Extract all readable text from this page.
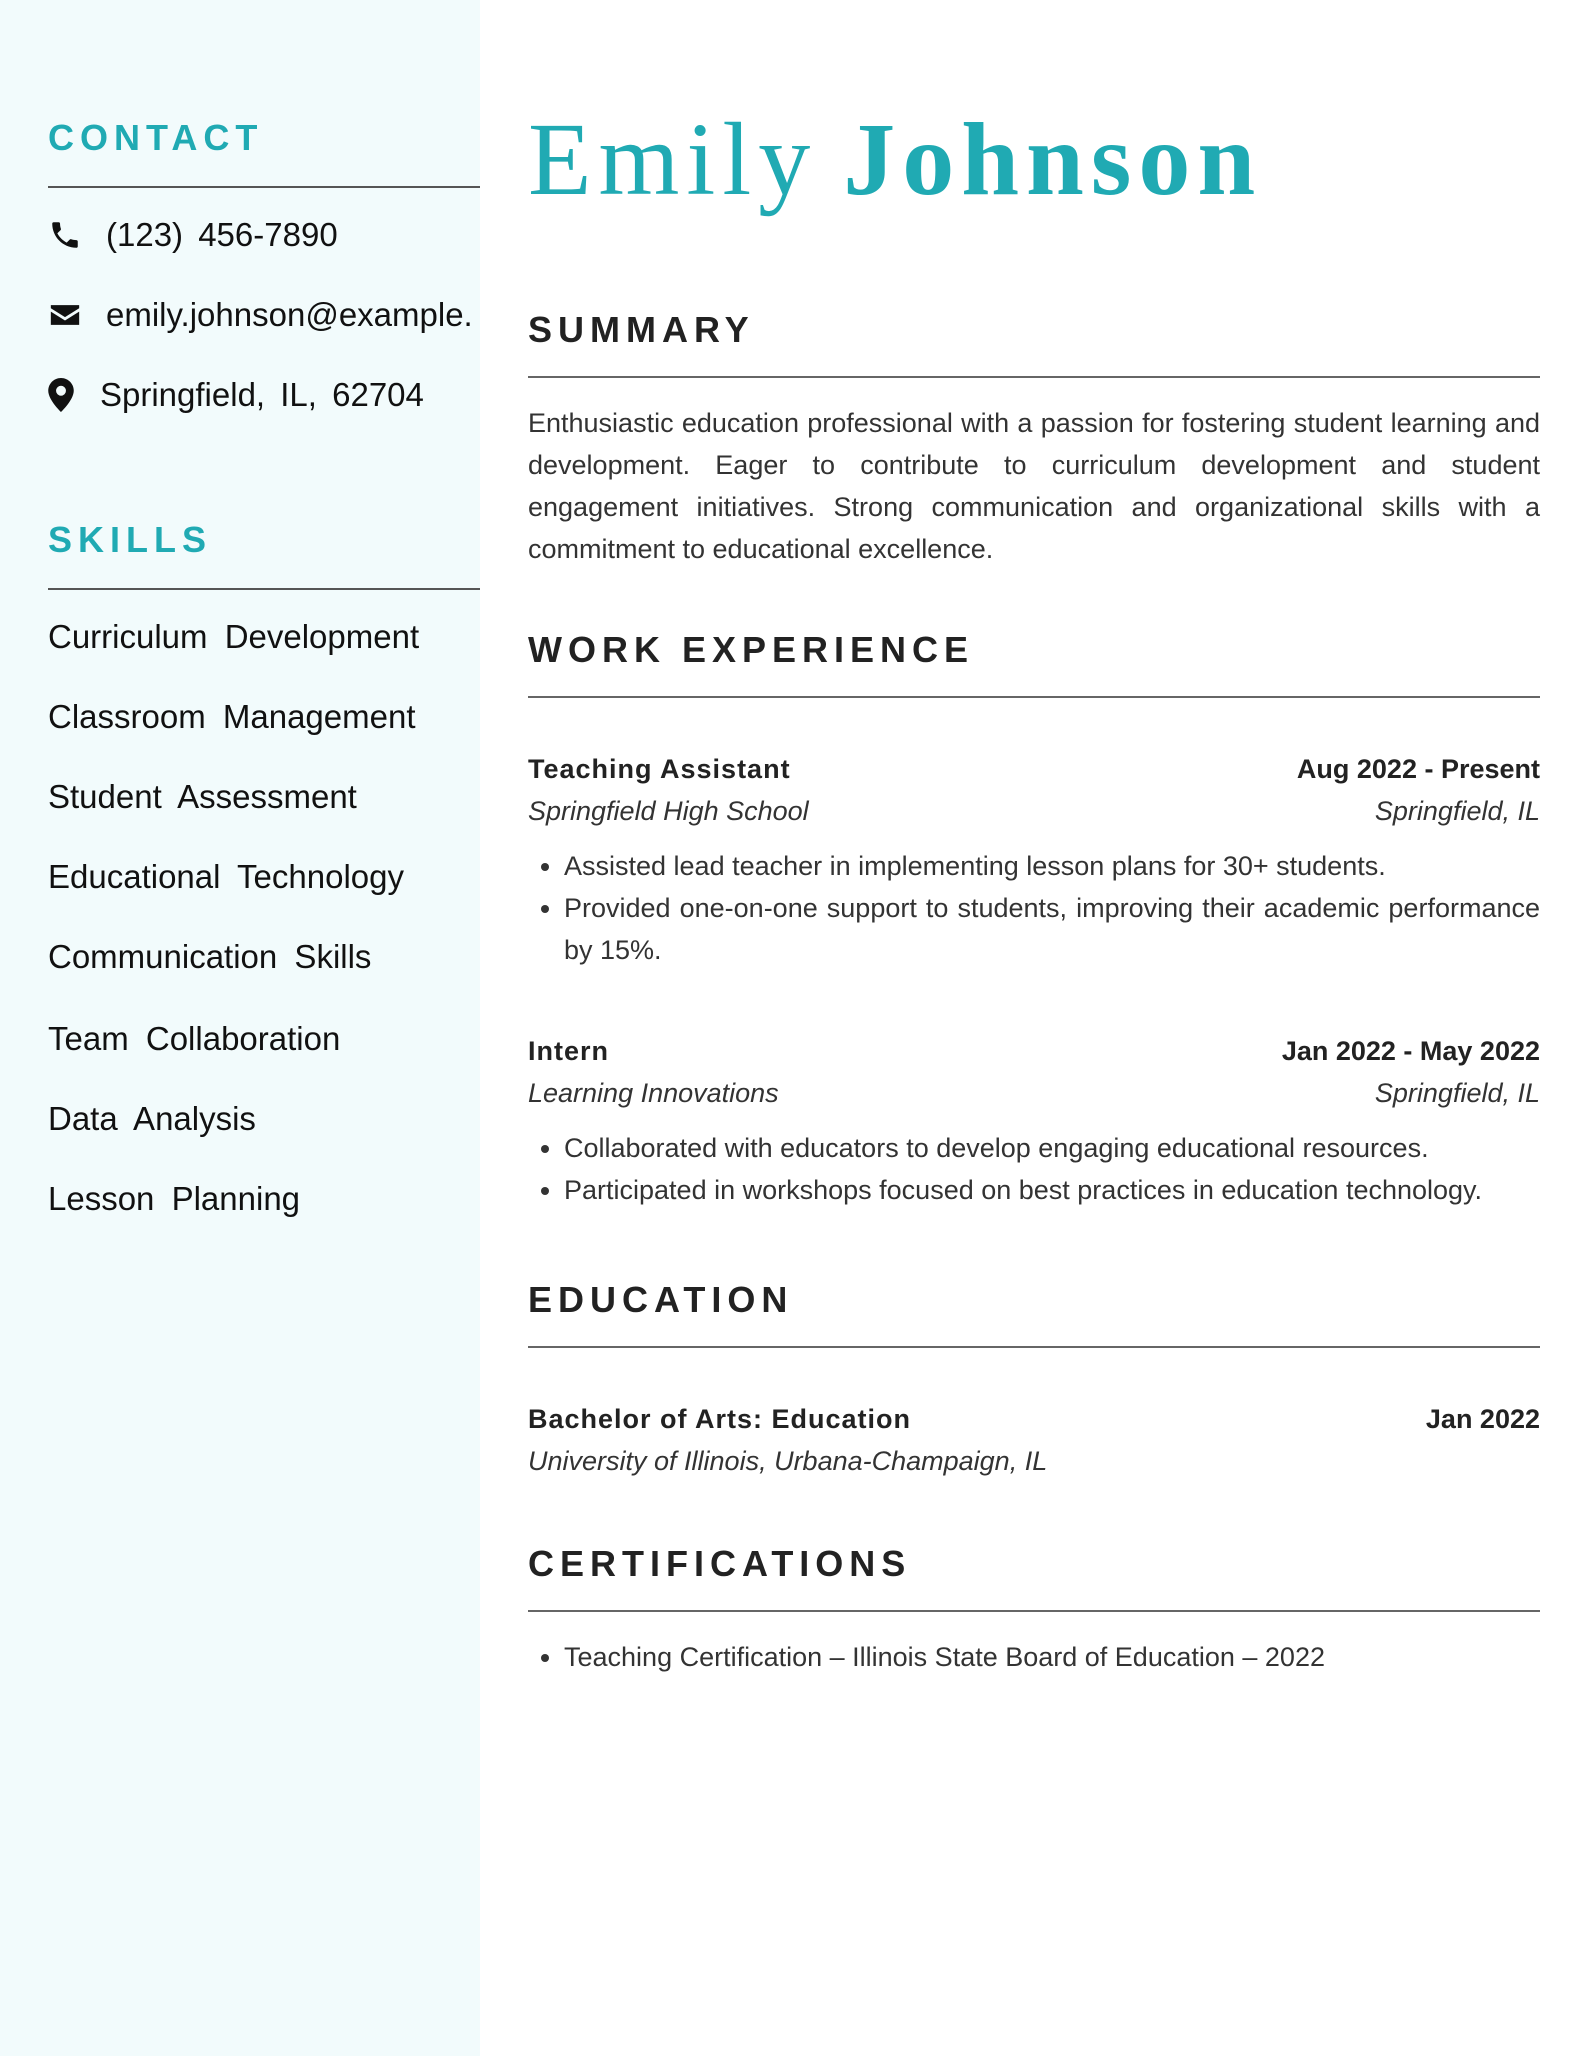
CONTACT
(123) 456-7890
emily.johnson@example.
Springfield, IL, 62704
SKILLS
Curriculum Development
Classroom Management
Student Assessment
Educational Technology
Communication Skills
Team Collaboration
Data Analysis
Lesson Planning
Emily Johnson
SUMMARY

Enthusiastic education professional with a passion for fostering student learning and development. Eager to contribute to curriculum development and student engagement initiatives. Strong communication and organizational skills with a commitment to educational excellence.

WORK EXPERIENCE
Teaching Assistant	Aug 2022 - Present
Springfield High School	Springfield, IL
• Assisted lead teacher in implementing lesson plans for 30+ students.
• Provided one-on-one support to students, improving their academic performance by 15%.
Intern	Jan 2022 - May 2022
Learning Innovations	Springfield, IL
• Collaborated with educators to develop engaging educational resources.
• Participated in workshops focused on best practices in education technology.
EDUCATION
Bachelor of Arts: Education	Jan 2022
University of Illinois, Urbana-Champaign, IL
CERTIFICATIONS
• Teaching Certification – Illinois State Board of Education – 2022
